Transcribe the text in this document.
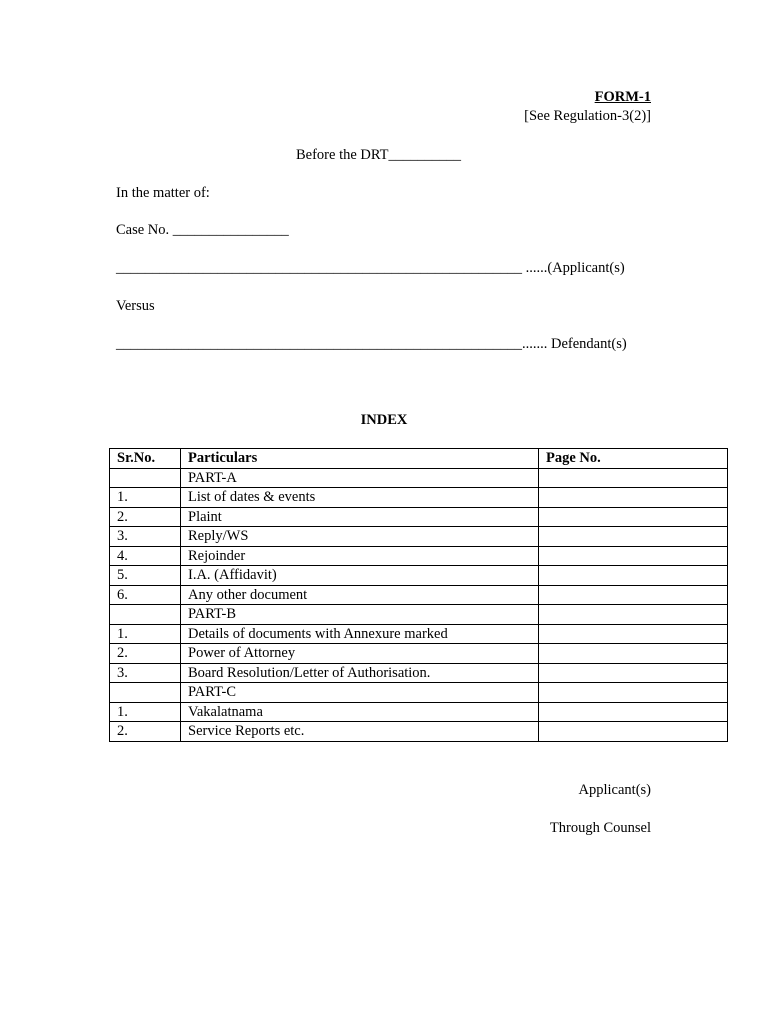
FORM-1
[See Regulation-3(2)]
Before the DRT__________
In the matter of:
Case No. ________________
________________________________________________________ ......(Applicant(s)
Versus
________________________________________________________....... Defendant(s)
INDEX
Sr.No.	Particulars	Page No.
	PART-A	
1.	List of dates & events	
2.	Plaint	
3.	Reply/WS	
4.	Rejoinder	
5.	I.A. (Affidavit)	
6.	Any other document	
	PART-B	
1.	Details of documents with Annexure marked	
2.	Power of Attorney	
3.	Board Resolution/Letter of Authorisation.	
	PART-C	
1.	Vakalatnama	
2.	Service Reports etc.	
Applicant(s)
Through Counsel
